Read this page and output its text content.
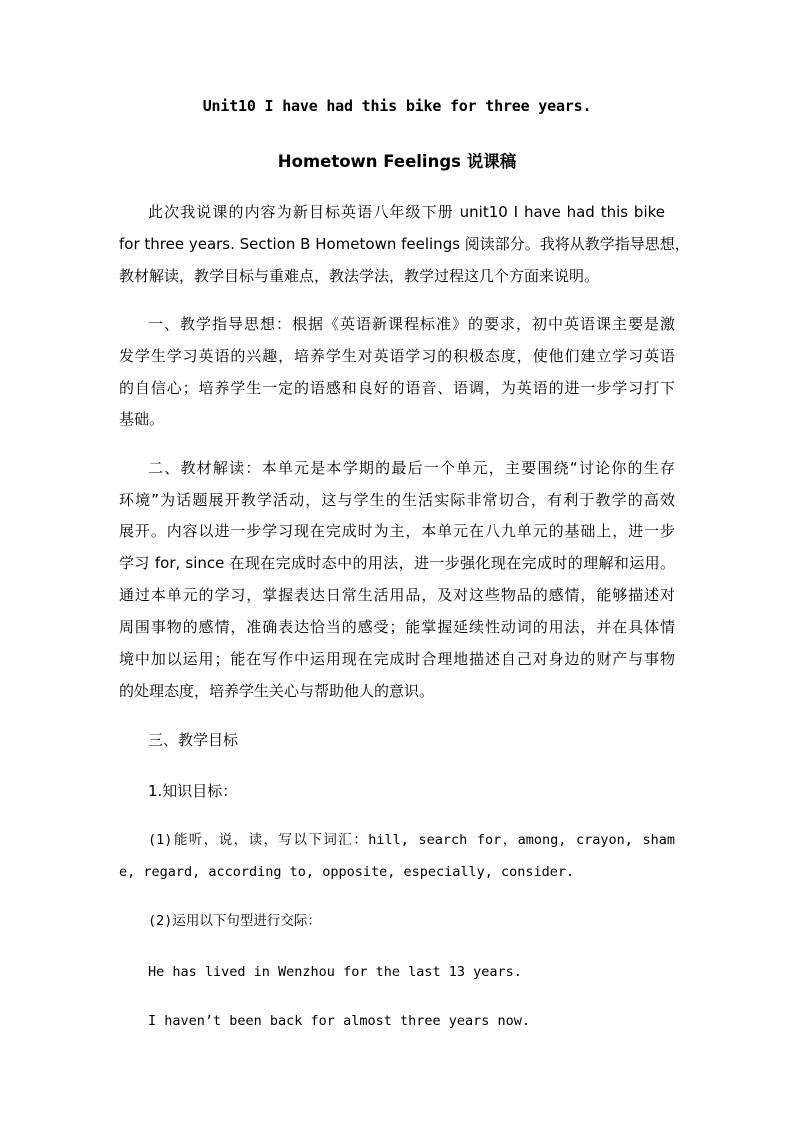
Unit10 I have had this bike for three years.
Hometown Feelings 说课稿
此次我说课的内容为新目标英语八年级下册 unit10 I have had this bike
for three years. Section B Hometown feelings 阅读部分。我将从教学指导思想，
教材解读，教学目标与重难点，教法学法，教学过程这几个方面来说明。
一、教学指导思想：根据《英语新课程标准》的要求，初中英语课主要是激
发学生学习英语的兴趣，培养学生对英语学习的积极态度，使他们建立学习英语
的自信心；培养学生一定的语感和良好的语音、语调，为英语的进一步学习打下
基础。
二、教材解读：本单元是本学期的最后一个单元，主要围绕“讨论你的生存
环境”为话题展开教学活动，这与学生的生活实际非常切合，有利于教学的高效
展开。内容以进一步学习现在完成时为主，本单元在八九单元的基础上，进一步
学习 for, since 在现在完成时态中的用法，进一步强化现在完成时的理解和运用。
通过本单元的学习，掌握表达日常生活用品，及对这些物品的感情，能够描述对
周围事物的感情，准确表达恰当的感受；能掌握延续性动词的用法，并在具体情
境中加以运用；能在写作中运用现在完成时合理地描述自己对身边的财产与事物
的处理态度，培养学生关心与帮助他人的意识。
三、教学目标
1.知识目标：
(1)能听，说，读，写以下词汇：hill, search for，among, crayon, sham
e, regard, according to, opposite, especially, consider.
(2)运用以下句型进行交际：
He has lived in Wenzhou for the last 13 years.
I haven’t been back for almost three years now.
